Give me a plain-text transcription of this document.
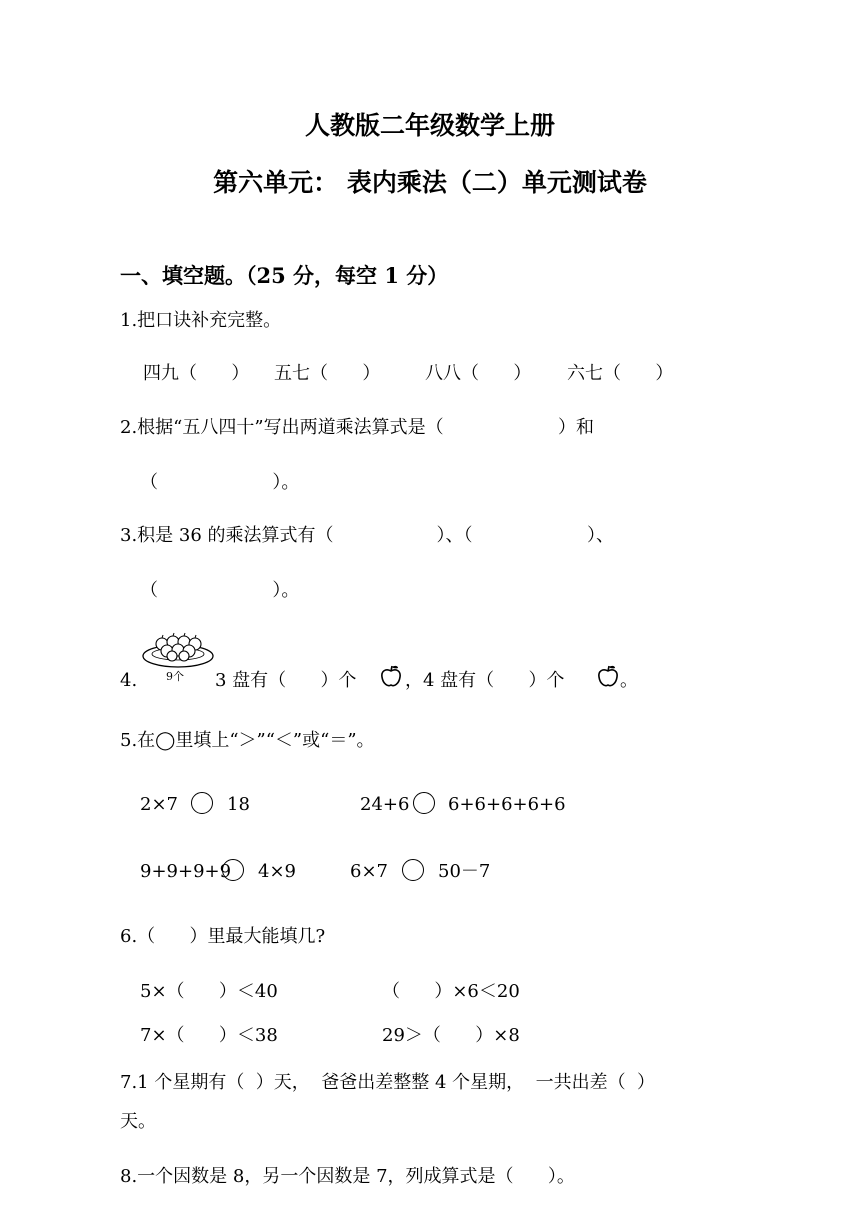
人教版二年级数学上册
第六单元： 表内乘法（二）单元测试卷
一、填空题。（25 分，每空 1 分）
1.把口诀补充完整。
四九（      ） 五七（      ） 八八（      ） 六七（      ）
2.根据“五八四十”写出两道乘法算式是（                    ）和
（                    ）。
3.积是 36 的乘法算式有（                  ）、（                    ）、
（                    ）。
9个
4.	3 盘有（      ）个	，4 盘有（      ）个	。
5.在◯里填上“＞”“＜”或“＝”。
2×7	18	24+6 6+6+6+6+6
9+9+9+9 4×9	6×7	50－7
6.（      ）里最大能填几?
5×（      ）＜40	（      ）×6＜20
7×（      ）＜38	29＞（      ）×8
7.1 个星期有（  ）天，  爸爸出差整整 4 个星期，  一共出差（  ）
天。
8.一个因数是 8，另一个因数是 7，列成算式是（      ）。
